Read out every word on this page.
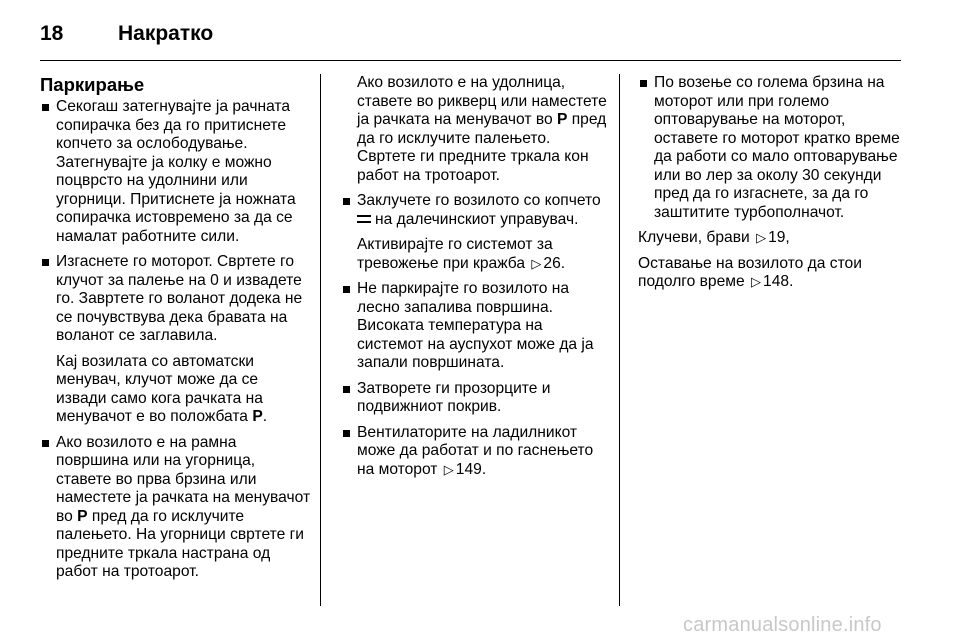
18	Накратко
Паркирање

Секогаш затегнувајте ја рачната сопирачка без да го притиснете копчето за ослободување. Затегнувајте ја колку е можно поцврсто на удолнини или угорници. Притиснете ја ножната сопирачка истовремено за да се намалат работните сили.

Изгаснете го моторот. Свртете го клучот за палење на 0 и извадете го. Завртете го воланот додека не се почувствува дека бравата на воланот се заглавила.

Кај возилата со автоматски менувач, клучот може да се извади само кога рачката на менувачот е во положбата P.

Ако возилото е на рамна површина или на угорница, ставете во прва брзина или наместете ја рачката на менувачот во P пред да го исклучите палењето. На угорници свртете ги предните тркала настрана од работ на тротоарот.

Ако возилото е на удолница, ставете во рикверц или наместете ја рачката на менувачот во P пред да го исклучите палењето. Свртете ги предните тркала кон работ на тротоарот.

Заклучете го возилото со копчето на далечинскиот управувач.

Активирајте го системот за тревожење при кражба ▷ 26.

Не паркирајте го возилото на лесно запалива површина. Високата температура на системот на ауспухот може да ја запали површината.

Затворете ги прозорците и подвижниот покрив.

Вентилаторите на ладилникот може да работат и по гаснењето на моторот ▷ 149.

По возење со голема брзина на моторот или при големо оптоварување на моторот, оставете го моторот кратко време да работи со мало оптоварување или во лер за околу 30 секунди пред да го изгаснете, за да го заштитите турбополначот.

Клучеви, брави ▷ 19,
Оставање на возилото да стои подолго време ▷ 148.
carmanualsonline.info
